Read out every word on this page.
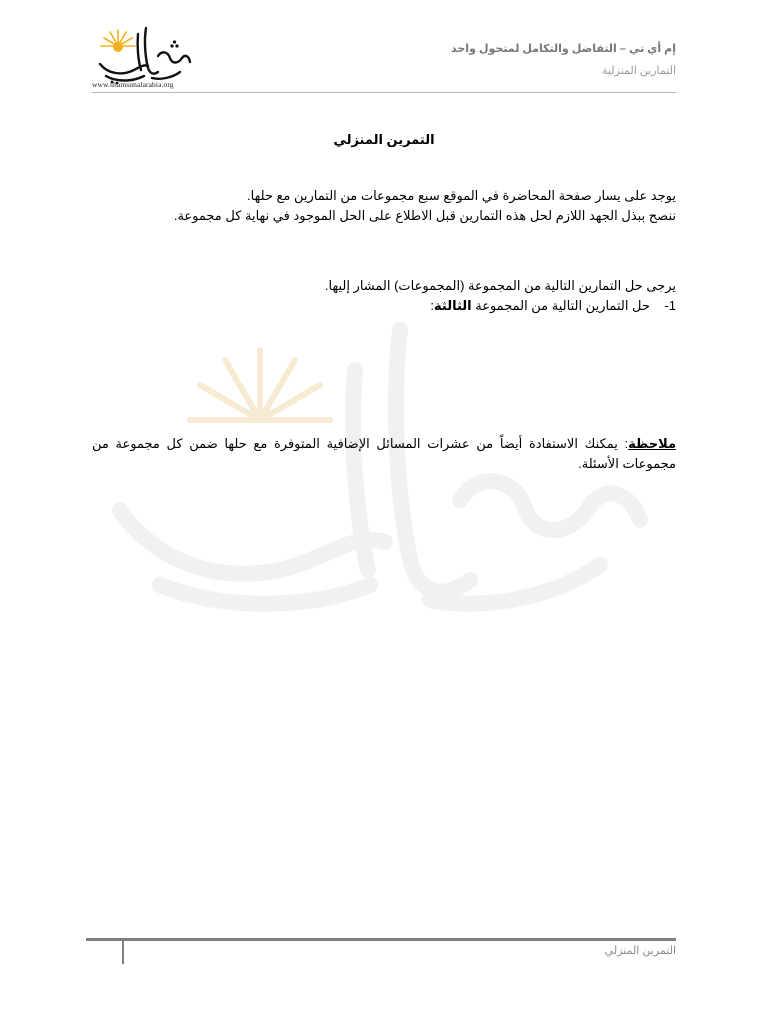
www.shamsunalarabia.org
إم أي تي – التفاضل والتكامل لمتحول واحد
التمارين المنزلية
التمرين المنزلي
يوجد على يسار صفحة المحاضرة في الموقع سبع مجموعات من التمارين مع حلها.
ننصح ببذل الجهد اللازم لحل هذه التمارين قبل الاطلاع على الحل الموجود في نهاية كل مجموعة.
يرجى حل التمارين التالية من المجموعة (المجموعات) المشار إليها.
1-    حل التمارين التالية من المجموعة الثالثة:
ملاحظة: يمكنك الاستفادة أيضاً من عشرات المسائل الإضافية المتوفرة مع حلها ضمن كل مجموعة من مجموعات الأسئلة.
التمرين المنزلي
